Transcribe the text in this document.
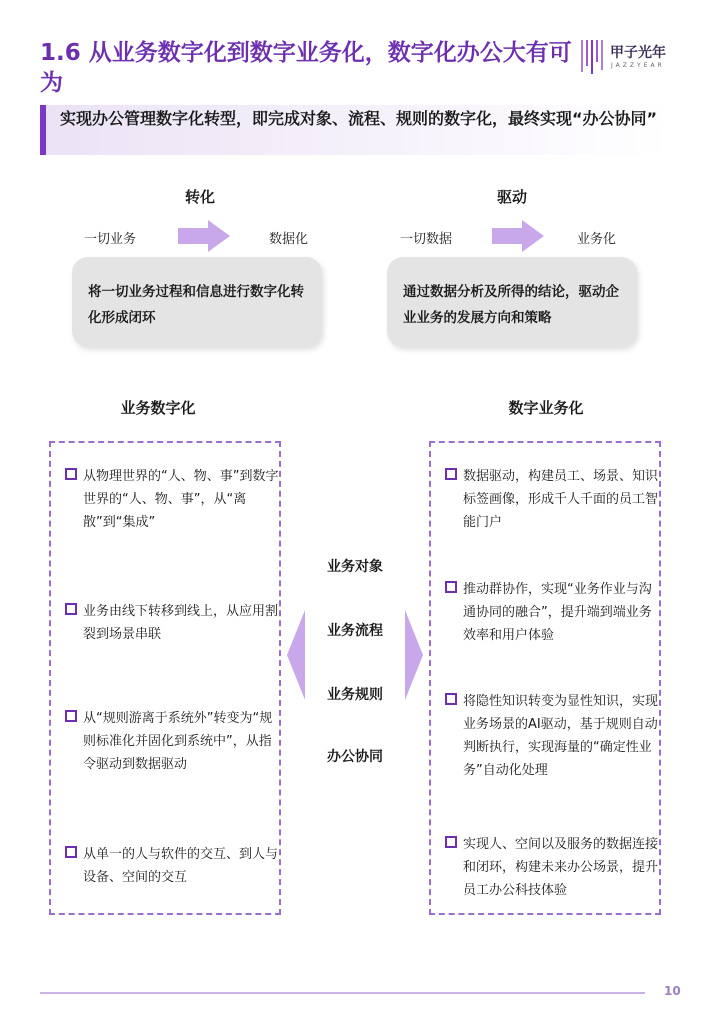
1.6 从业务数字化到数字业务化，数字化办公大有可为
甲子光年
JAZZYEAR
实现办公管理数字化转型，即完成对象、流程、规则的数字化，最终实现“办公协同”
转化
一切业务	数据化
将一切业务过程和信息进行数字化转化形成闭环
驱动
一切数据	业务化
通过数据分析及所得的结论，驱动企业业务的发展方向和策略
业务数字化	数字业务化
从物理世界的“人、物、事”到数字世界的“人、物、事”，从“离散”到“集成”
业务由线下转移到线上，从应用割裂到场景串联
从“规则游离于系统外”转变为“规则标准化并固化到系统中”，从指令驱动到数据驱动
从单一的人与软件的交互、到人与设备、空间的交互
数据驱动，构建员工、场景、知识标签画像，形成千人千面的员工智能门户
推动群协作，实现“业务作业与沟通协同的融合”，提升端到端业务效率和用户体验
将隐性知识转变为显性知识，实现业务场景的AI驱动，基于规则自动判断执行，实现海量的“确定性业务”自动化处理
实现人、空间以及服务的数据连接和闭环，构建未来办公场景，提升员工办公科技体验
业务对象
业务流程
业务规则
办公协同
10
